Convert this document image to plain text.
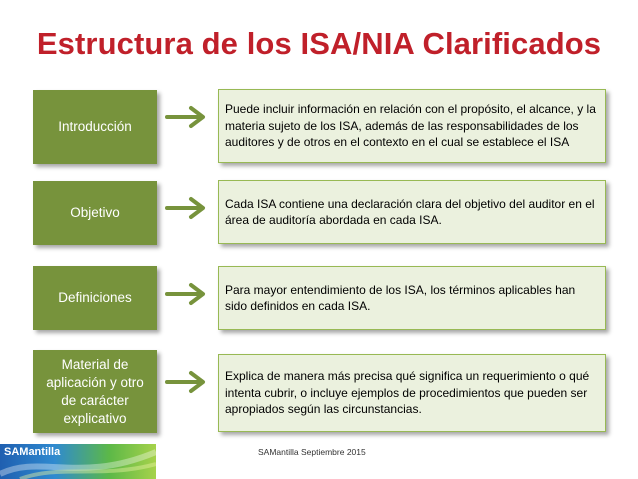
Estructura de los ISA/NIA Clarificados
Introducción
Puede incluir información en relación con el propósito, el alcance, y la materia sujeto de los ISA, además de las responsabilidades de los auditores y de otros en el contexto en el cual se establece el ISA
Objetivo
Cada ISA contiene una declaración clara del objetivo del auditor en el área de auditoría abordada en cada ISA.
Definiciones
Para mayor entendimiento de los ISA, los términos aplicables han sido definidos en cada ISA.
Material de aplicación y otro de carácter explicativo
Explica de manera más precisa qué significa un requerimiento o qué intenta cubrir, o incluye ejemplos de procedimientos que pueden ser apropiados según las circunstancias.
SAMantilla Septiembre 2015
SAMantilla
